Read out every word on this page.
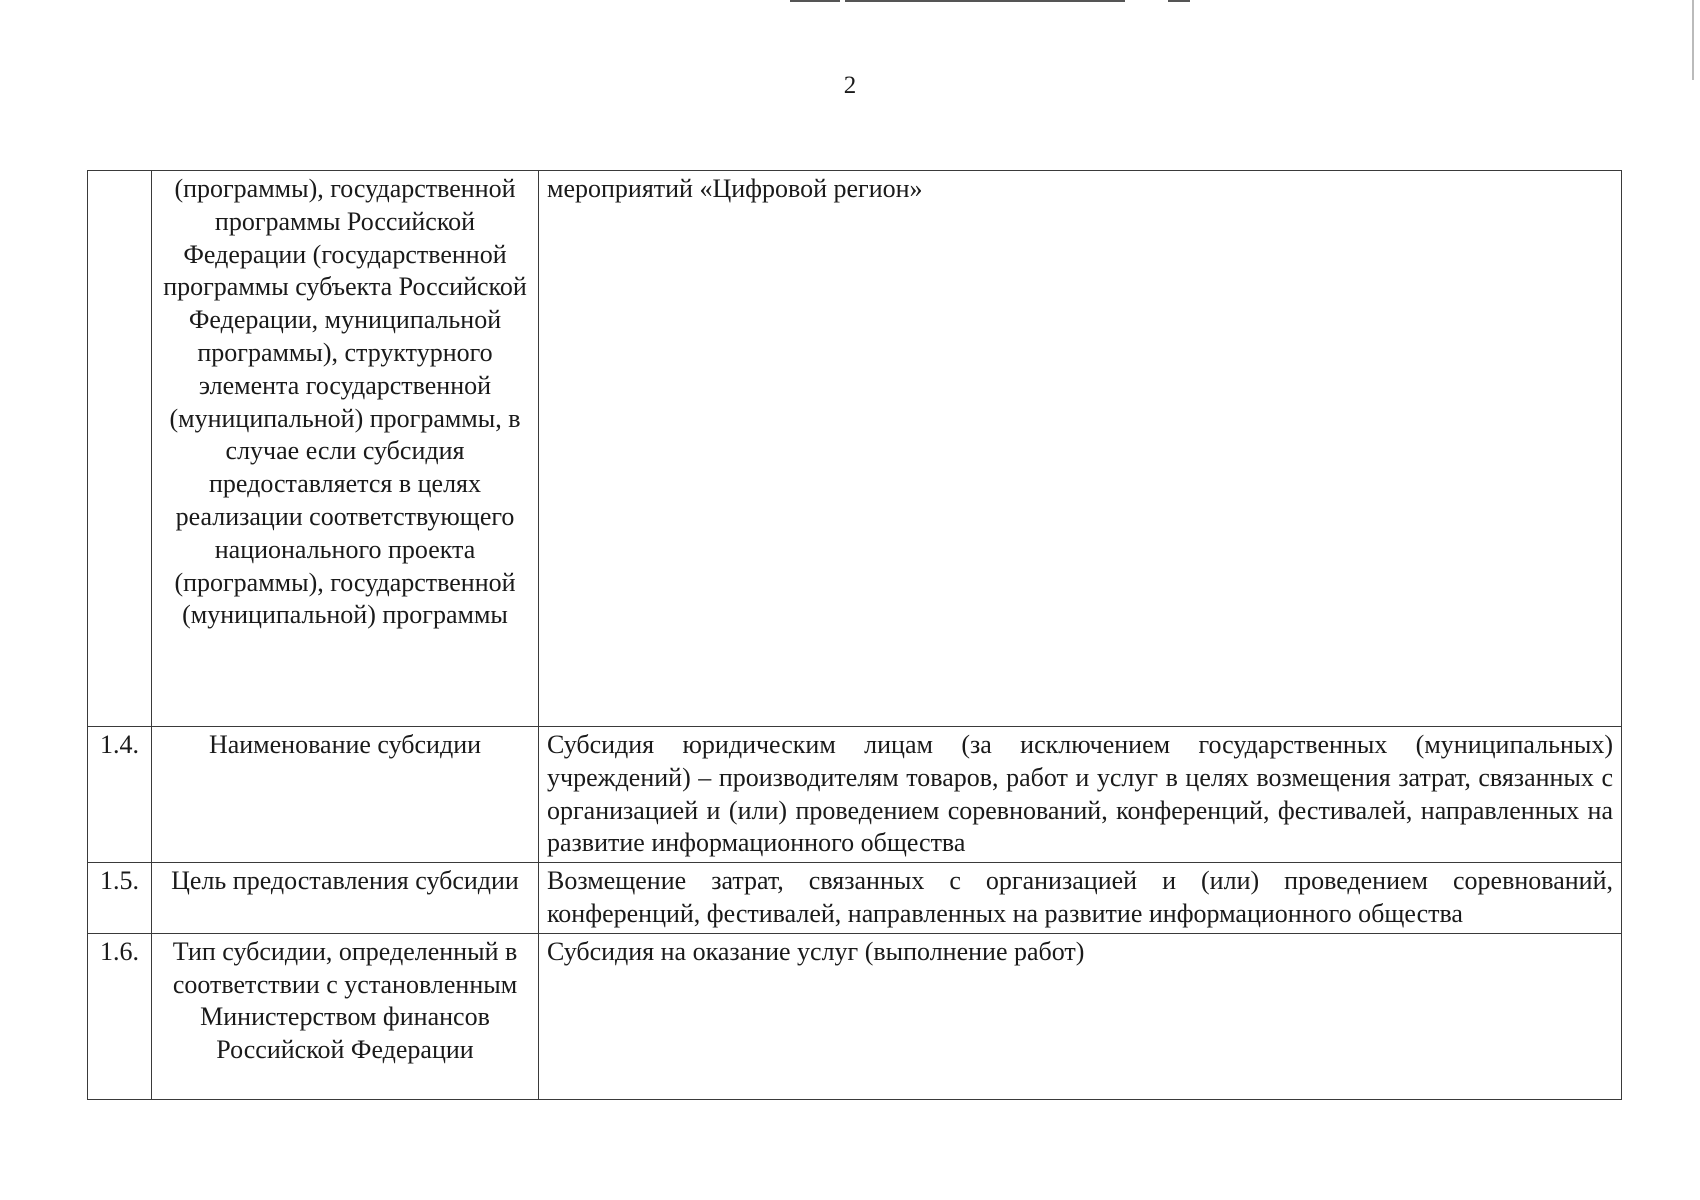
2
	(программы), государственной программы Российской Федерации (государственной программы субъекта Российской Федерации, муниципальной программы), структурного элемента государственной (муниципальной) программы, в случае если субсидия предоставляется в целях реализации соответствующего национального проекта (программы), государственной (муниципальной) программы	мероприятий «Цифровой регион»
1.4.	Наименование субсидии	Субсидия юридическим лицам (за исключением государственных (муниципальных) учреждений) – производителям товаров, работ и услуг в целях возмещения затрат, связанных с организацией и (или) проведением соревнований, конференций, фестивалей, направленных на развитие информационного общества
1.5.	Цель предоставления субсидии	Возмещение затрат, связанных с организацией и (или) проведением соревнований, конференций, фестивалей, направленных на развитие информационного общества
1.6.	Тип субсидии, определенный в соответствии с установленным Министерством финансов Российской Федерации	Субсидия на оказание услуг (выполнение работ)
